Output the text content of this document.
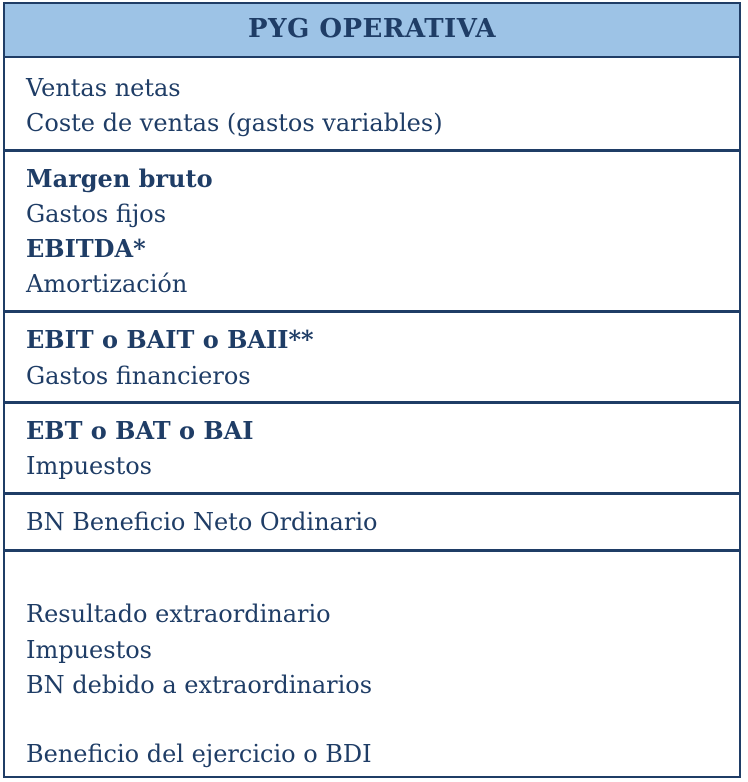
PYG OPERATIVA
Ventas netas
Coste de ventas (gastos variables)
Margen bruto
Gastos fijos
EBITDA*
Amortización
EBIT o BAIT o BAII**
Gastos financieros
EBT o BAT o BAI
Impuestos
BN Beneficio Neto Ordinario
Resultado extraordinario
Impuestos
BN debido a extraordinarios
Beneficio del ejercicio o BDI
